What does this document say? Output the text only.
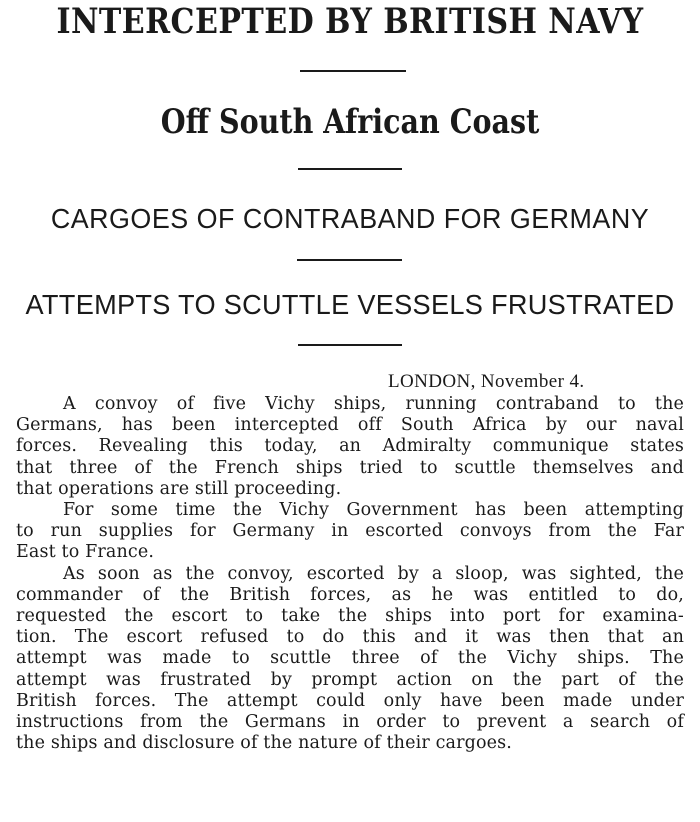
INTERCEPTED BY BRITISH NAVY
Off South African Coast
CARGOES OF CONTRABAND FOR GERMANY
ATTEMPTS TO SCUTTLE VESSELS FRUSTRATED
LONDON, November 4.
A convoy of five Vichy ships, running contraband to the
Germans, has been intercepted off South Africa by our naval
forces. Revealing this today, an Admiralty communique states
that three of the French ships tried to scuttle themselves and
that operations are still proceeding.
For some time the Vichy Government has been attempting
to run supplies for Germany in escorted convoys from the Far
East to France.
As soon as the convoy, escorted by a sloop, was sighted, the
commander of the British forces, as he was entitled to do,
requested the escort to take the ships into port for examina-
tion. The escort refused to do this and it was then that an
attempt was made to scuttle three of the Vichy ships. The
attempt was frustrated by prompt action on the part of the
British forces. The attempt could only have been made under
instructions from the Germans in order to prevent a search of
the ships and disclosure of the nature of their cargoes.
